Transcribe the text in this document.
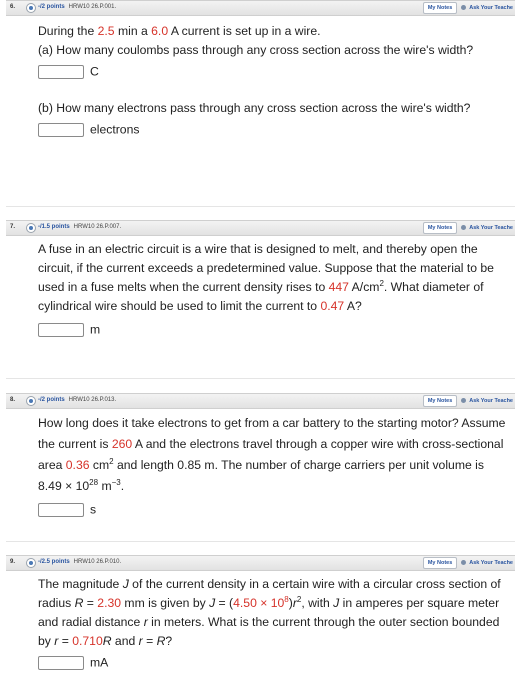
6.	-/2 points HRW10 26.P.001.	My Notes	Ask Your Teache
During the 2.5 min a 6.0 A current is set up in a wire.
(a) How many coulombs pass through any cross section across the wire's width?
C
(b) How many electrons pass through any cross section across the wire's width?
electrons
7.	-/1.5 points HRW10 26.P.007.	My Notes	Ask Your Teache
A fuse in an electric circuit is a wire that is designed to melt, and thereby open the circuit, if the current exceeds a predetermined value. Suppose that the material to be used in a fuse melts when the current density rises to 447 $A/cm^2$. What diameter of cylindrical wire should be used to limit the current to 0.47 A?
m
8.	-/2 points HRW10 26.P.013.	My Notes	Ask Your Teache
How long does it take electrons to get from a car battery to the starting motor? Assume the current is 260 A and the electrons travel through a copper wire with cross-sectional area 0.36 $cm^2$ and length 0.85 m. The number of charge carriers per unit volume is $8.49 \times 10^{28}$ $m^{-3}$.
s
9.	-/2.5 points HRW10 26.P.010.	My Notes	Ask Your Teache
The magnitude J of the current density in a certain wire with a circular cross section of radius R = 2.30 mm is given by $J = (4.50 \times 10^8)r^2$, with J in amperes per square meter and radial distance r in meters. What is the current through the outer section bounded by r = 0.710R and r = R?
mA
